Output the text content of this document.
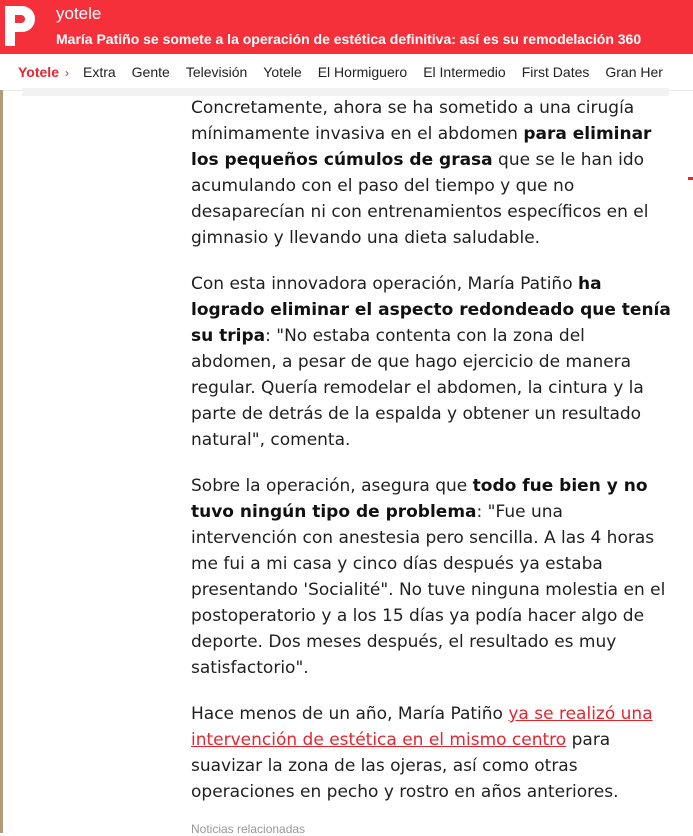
yotele
María Patiño se somete a la operación de estética definitiva: así es su remodelación 360
Yotele › Extra Gente Televisión Yotele El Hormiguero El Intermedio First Dates Gran Her

Concretamente, ahora se ha sometido a una cirugía mínimamente invasiva en el abdomen para eliminar los pequeños cúmulos de grasa que se le han ido acumulando con el paso del tiempo y que no desaparecían ni con entrenamientos específicos en el gimnasio y llevando una dieta saludable.

Con esta innovadora operación, María Patiño ha logrado eliminar el aspecto redondeado que tenía su tripa: "No estaba contenta con la zona del abdomen, a pesar de que hago ejercicio de manera regular. Quería remodelar el abdomen, la cintura y la parte de detrás de la espalda y obtener un resultado natural", comenta.

Sobre la operación, asegura que todo fue bien y no tuvo ningún tipo de problema: "Fue una intervención con anestesia pero sencilla. A las 4 horas me fui a mi casa y cinco días después ya estaba presentando 'Socialité". No tuve ninguna molestia en el postoperatorio y a los 15 días ya podía hacer algo de deporte. Dos meses después, el resultado es muy satisfactorio".

Hace menos de un año, María Patiño ya se realizó una intervención de estética en el mismo centro para suavizar la zona de las ojeras, así como otras operaciones en pecho y rostro en años anteriores.

Noticias relacionadas
